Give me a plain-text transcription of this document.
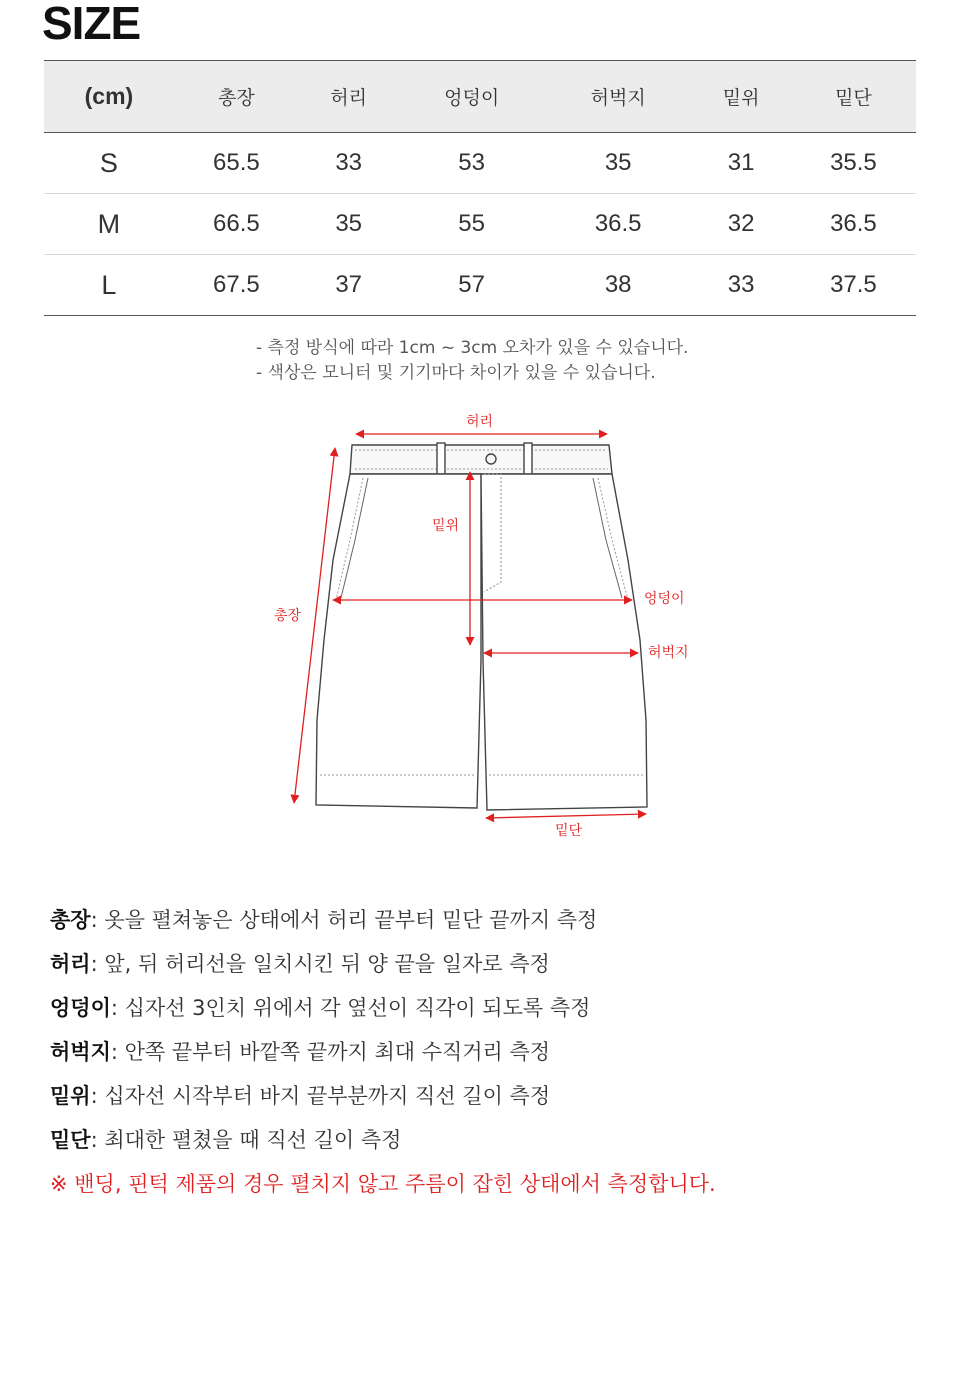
SIZE
(cm)	총장	허리	엉덩이	허벅지	밑위	밑단
S	65.5	33	53	35	31	35.5
M	66.5	35	55	36.5	32	36.5
L	67.5	37	57	38	33	37.5
- 측정 방식에 따라 1cm ~ 3cm 오차가 있을 수 있습니다.
- 색상은 모니터 및 기기마다 차이가 있을 수 있습니다.
허리
밑위
엉덩이
허벅지
총장
밑단
총장: 옷을 펼쳐놓은 상태에서 허리 끝부터 밑단 끝까지 측정
허리: 앞, 뒤 허리선을 일치시킨 뒤 양 끝을 일자로 측정
엉덩이: 십자선 3인치 위에서 각 옆선이 직각이 되도록 측정
허벅지: 안쪽 끝부터 바깥쪽 끝까지 최대 수직거리 측정
밑위: 십자선 시작부터 바지 끝부분까지 직선 길이 측정
밑단: 최대한 펼쳤을 때 직선 길이 측정
※ 밴딩, 핀턱 제품의 경우 펼치지 않고 주름이 잡힌 상태에서 측정합니다.
